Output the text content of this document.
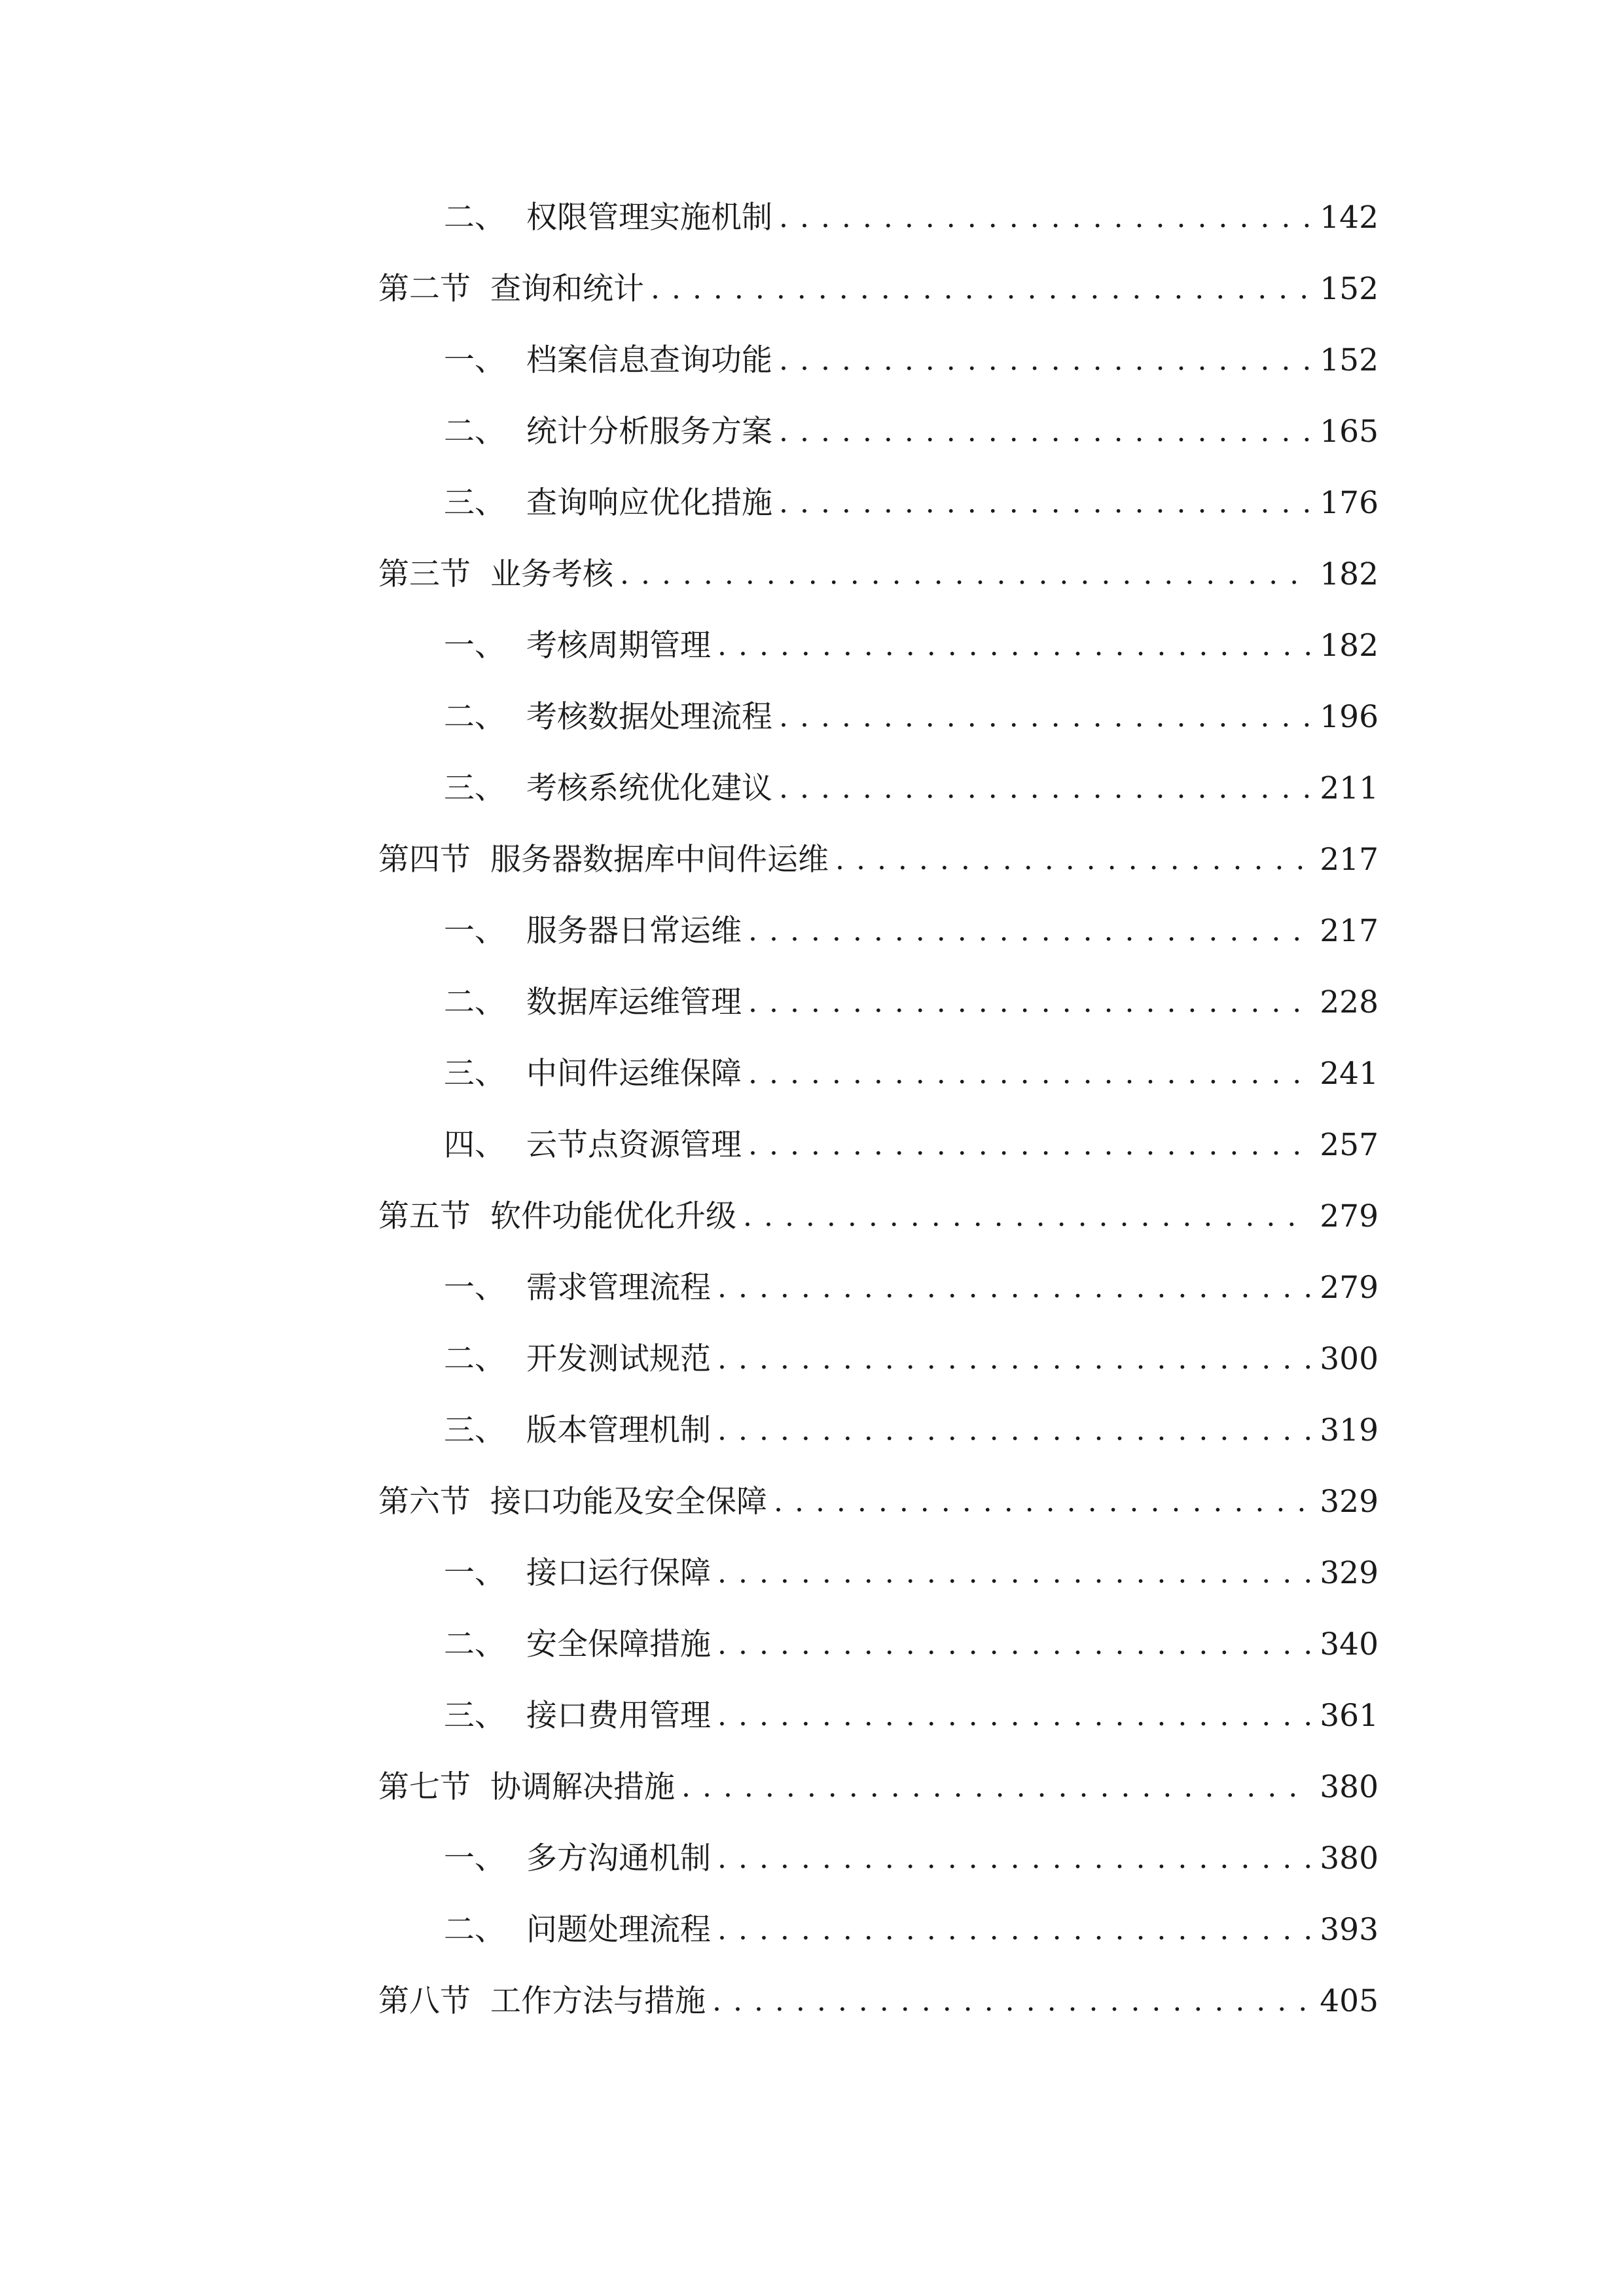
二、 权限管理实施机制 . . .	142
第二节 查询和统计 . . .	152
一、 档案信息查询功能 . . .	152
二、 统计分析服务方案 . . .	165
三、 查询响应优化措施 . . .	176
第三节 业务考核 . . .	182
一、 考核周期管理 . . .	182
二、 考核数据处理流程 . . .	196
三、 考核系统优化建议 . . .	211
第四节 服务器数据库中间件运维 . . .	217
一、 服务器日常运维 . . .	217
二、 数据库运维管理 . . .	228
三、 中间件运维保障 . . .	241
四、 云节点资源管理 . . .	257
第五节 软件功能优化升级 . . .	279
一、 需求管理流程 . . .	279
二、 开发测试规范 . . .	300
三、 版本管理机制 . . .	319
第六节 接口功能及安全保障 . . .	329
一、 接口运行保障 . . .	329
二、 安全保障措施 . . .	340
三、 接口费用管理 . . .	361
第七节 协调解决措施 . . .	380
一、 多方沟通机制 . . .	380
二、 问题处理流程 . . .	393
第八节 工作方法与措施 . . .	405
